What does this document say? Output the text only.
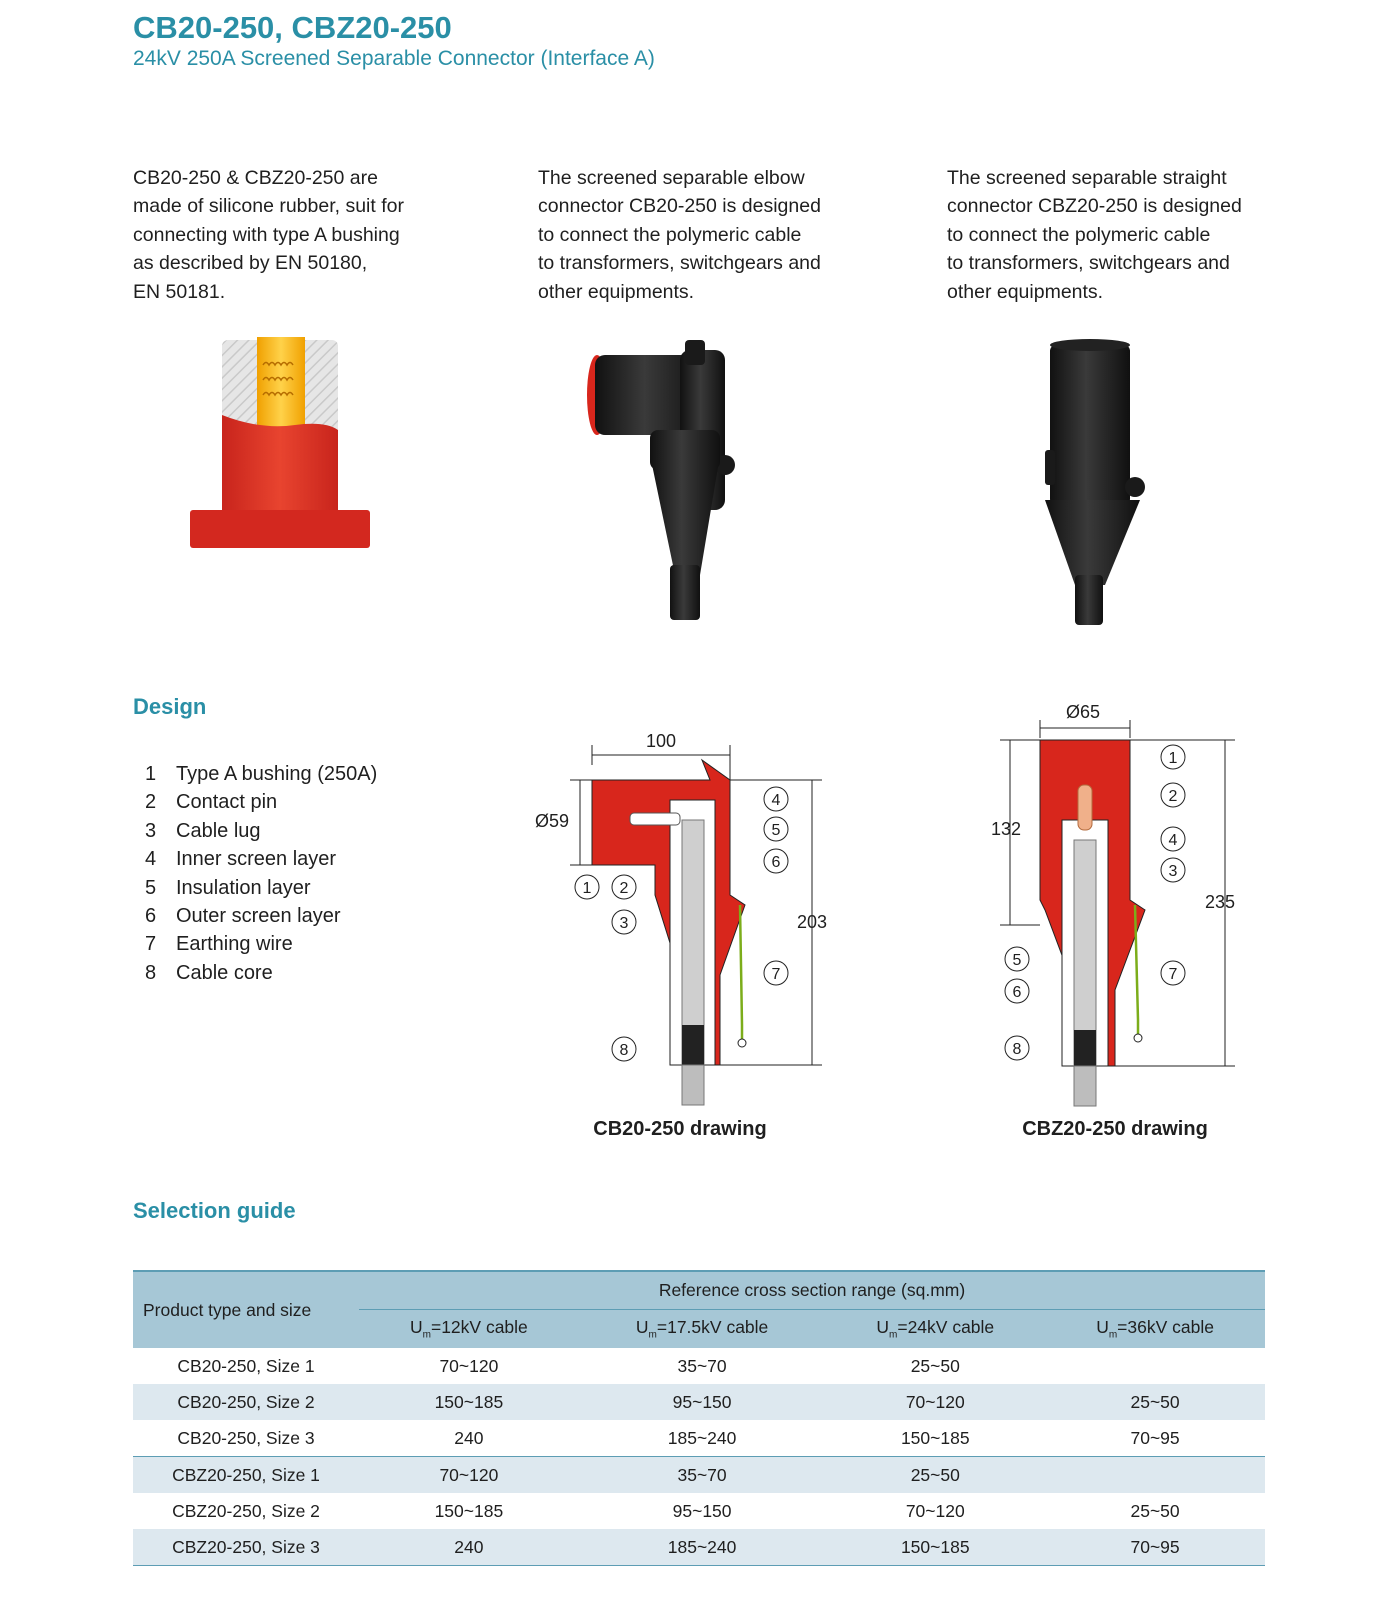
CB20-250, CBZ20-250

24kV 250A Screened Separable Connector (Interface A)

CB20-250 & CBZ20-250 are
made of silicone rubber, suit for
connecting with type A bushing
as described by EN 50180,
EN 50181.
The screened separable elbow
connector CB20-250 is designed
to connect the polymeric cable
to transformers, switchgears and
other equipments.
The screened separable straight
connector CBZ20-250 is designed
to connect the polymeric cable
to transformers, switchgears and
other equipments.
Design
1 Type A bushing (250A)
2 Contact pin
3 Cable lug
4 Inner screen layer
5 Insulation layer
6 Outer screen layer
7 Earthing wire
8 Cable core
100
Ø59
203
1 2
3
4
5
6
7
8
CB20-250 drawing
Ø65
132
235
1
2
3
4
5
6
7
8
CBZ20-250 drawing
Selection guide
Product type and size	Reference cross section range (sq.mm)			
	$U_m=12kV$ cable	$U_m=17.5kV$ cable	$U_m=24kV$ cable	$U_m=36kV$ cable
CB20-250, Size 1	70~120	35~70	25~50	
CB20-250, Size 2	150~185	95~150	70~120	25~50
CB20-250, Size 3	240	185~240	150~185	70~95
CBZ20-250, Size 1	70~120	35~70	25~50	
CBZ20-250, Size 2	150~185	95~150	70~120	25~50
CBZ20-250, Size 3	240	185~240	150~185	70~95
